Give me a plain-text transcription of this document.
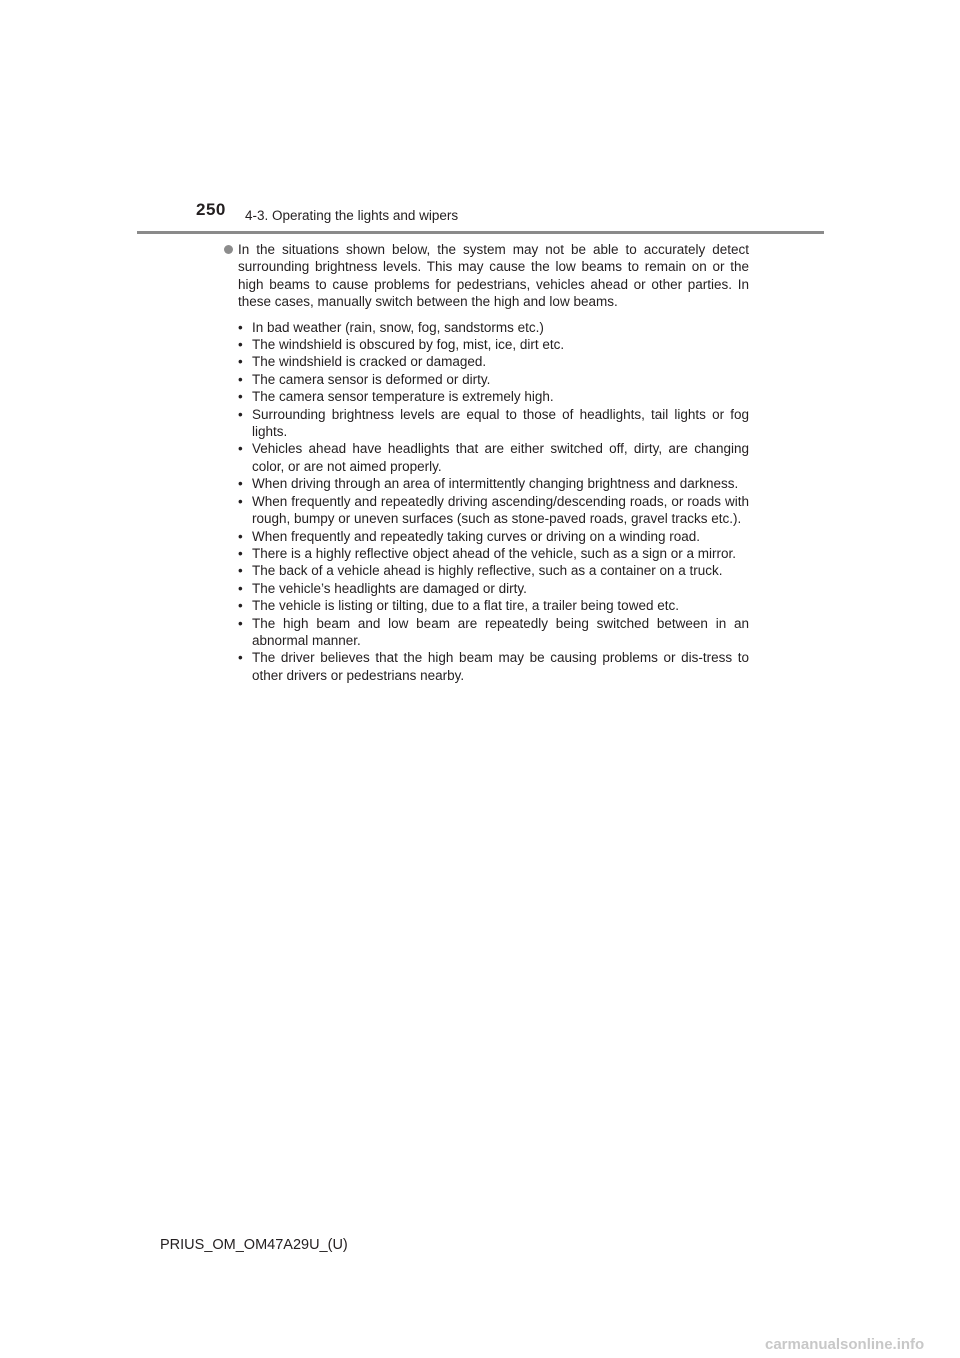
250 4-3. Operating the lights and wipers
In the situations shown below, the system may not be able to accurately detect surrounding brightness levels. This may cause the low beams to remain on or the high beams to cause problems for pedestrians, vehicles ahead or other parties. In these cases, manually switch between the high and low beams.
• In bad weather (rain, snow, fog, sandstorms etc.)
• The windshield is obscured by fog, mist, ice, dirt etc.
• The windshield is cracked or damaged.
• The camera sensor is deformed or dirty.
• The camera sensor temperature is extremely high.
• Surrounding brightness levels are equal to those of headlights, tail lights or fog lights.
• Vehicles ahead have headlights that are either switched off, dirty, are changing color, or are not aimed properly.
• When driving through an area of intermittently changing brightness and darkness.
• When frequently and repeatedly driving ascending/descending roads, or roads with rough, bumpy or uneven surfaces (such as stone-paved roads, gravel tracks etc.).
• When frequently and repeatedly taking curves or driving on a winding road.
• There is a highly reflective object ahead of the vehicle, such as a sign or a mirror.
• The back of a vehicle ahead is highly reflective, such as a container on a truck.
• The vehicle’s headlights are damaged or dirty.
• The vehicle is listing or tilting, due to a flat tire, a trailer being towed etc.
• The high beam and low beam are repeatedly being switched between in an abnormal manner.
• The driver believes that the high beam may be causing problems or dis-tress to other drivers or pedestrians nearby.
PRIUS_OM_OM47A29U_(U)
carmanualsonline.info
